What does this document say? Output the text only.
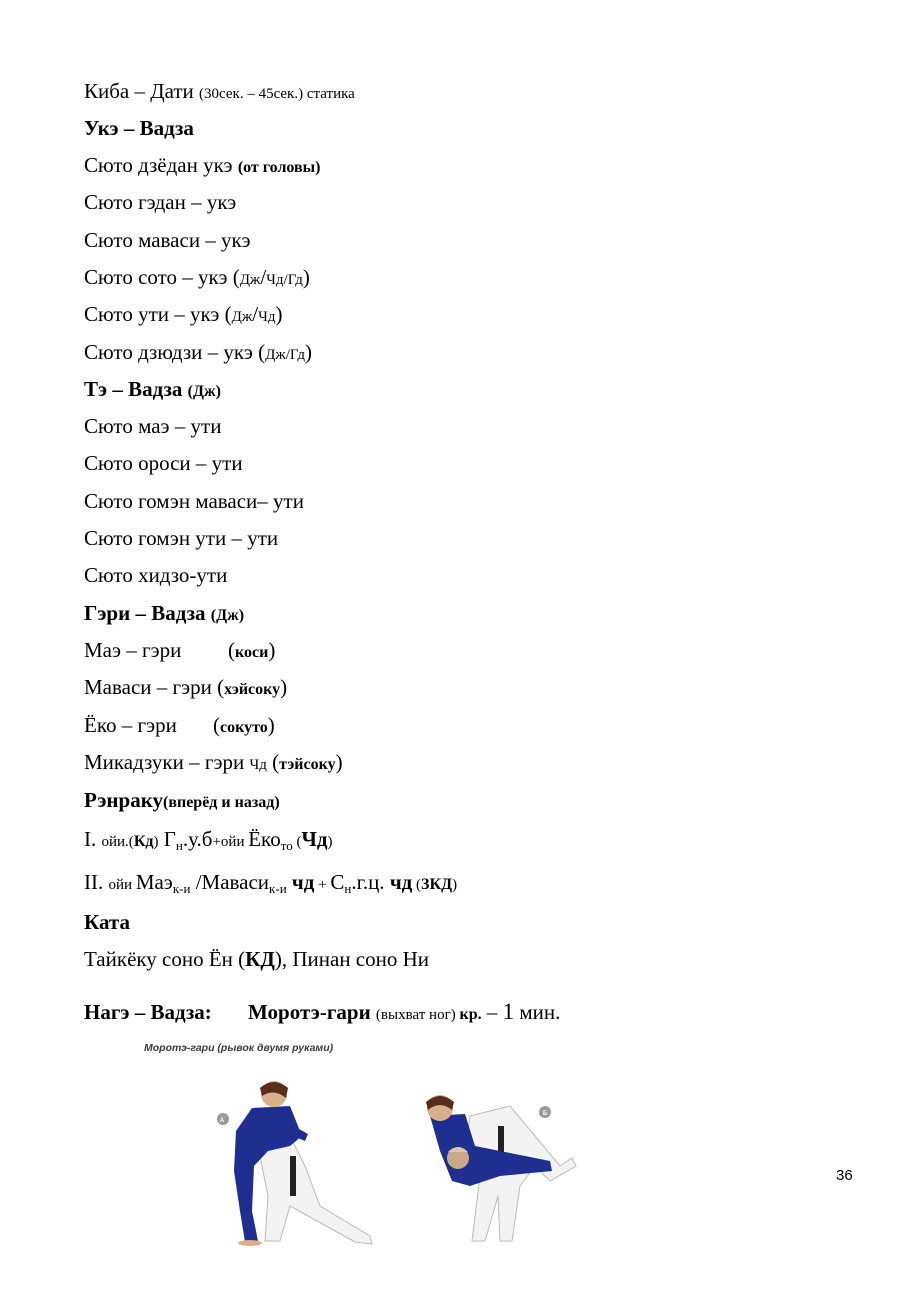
Киба – Дати (30сек. – 45сек.) статика
Укэ – Вадза
Сюто дзёдан укэ (от головы)
Сюто гэдан – укэ
Сюто маваси – укэ
Сюто сото – укэ (Дж/Чд/Гд)
Сюто ути – укэ (Дж/Чд)
Сюто дзюдзи – укэ (Дж/Гд)
Тэ – Вадза (Дж)
Сюто маэ – ути
Сюто ороси – ути
Сюто гомэн маваси– ути
Сюто гомэн ути – ути
Сюто хидзо-ути
Гэри – Вадза (Дж)
Маэ – гэри (коси)
Маваси – гэри (хэйсоку)
Ёко – гэри (сокуто)
Микадзуки – гэри Чд (тэйсоку)
Рэнраку(вперёд и назад)
I. ойи.(Кд) $Г_н.у.б+ойи$ Ёко$_{то}$ (Чд)
II. ойи Маэ$_{к-и}$ /Маваси$_{к-и}$ чд + $С_н.г.ц$. чд (ЗКД)
Ката
Тайкёку соно Ён (КД), Пинан соно Ни
Нагэ – Вадза: Моротэ-гари (выхват ног) кр. – 1 мин.
А
Б
Моротэ-гари (рывок двумя руками)
36
